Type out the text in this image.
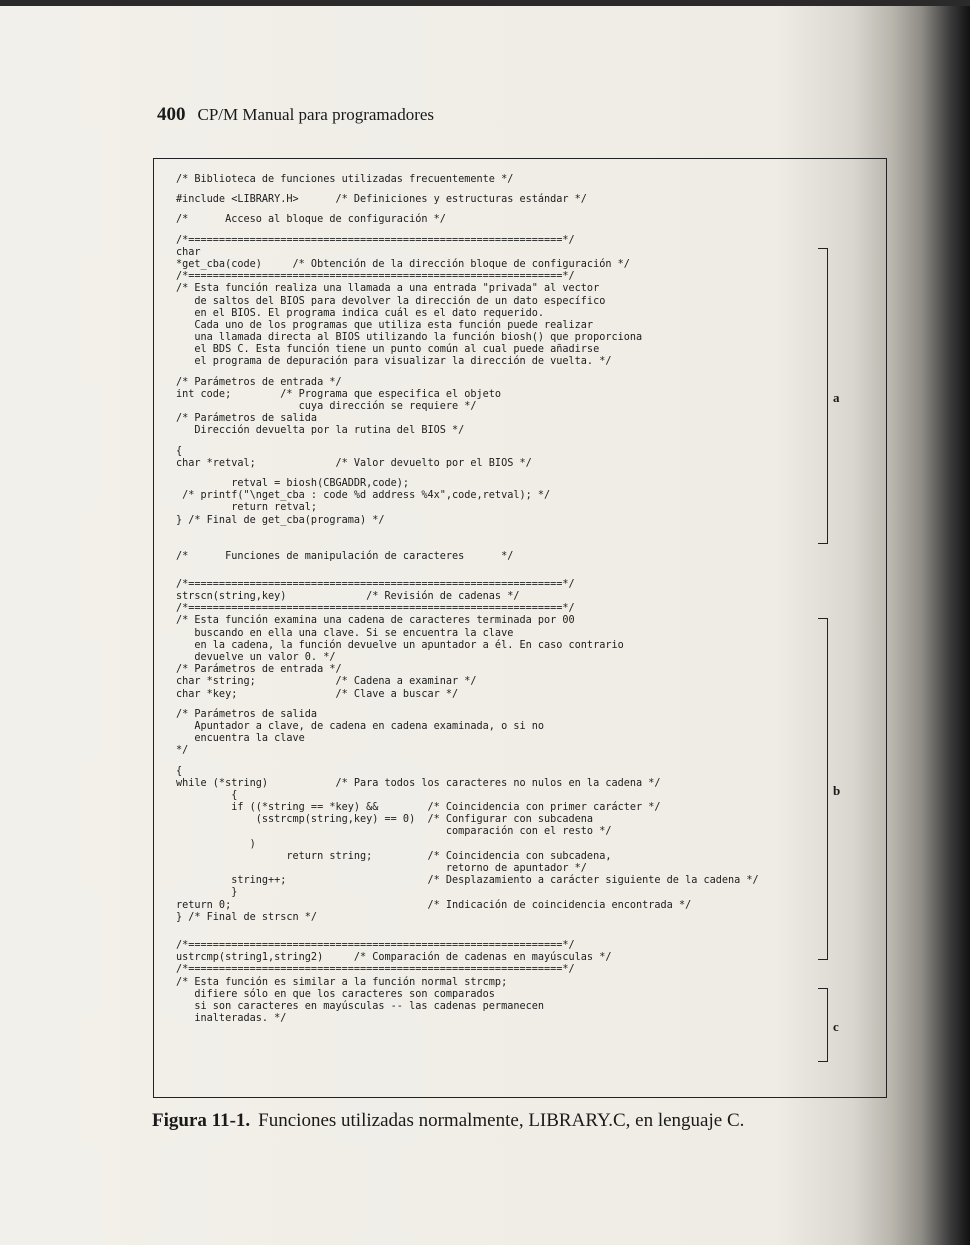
400 CP/M Manual para programadores
/* Biblioteca de funciones utilizadas frecuentemente */
#include <LIBRARY.H>      /* Definiciones y estructuras estándar */
/*      Acceso al bloque de configuración */
/*=============================================================*/
char
*get_cba(code)     /* Obtención de la dirección bloque de configuración */
/*=============================================================*/
/* Esta función realiza una llamada a una entrada "privada" al vector
de saltos del BIOS para devolver la dirección de un dato específico
en el BIOS. El programa indica cuál es el dato requerido.
Cada uno de los programas que utiliza esta función puede realizar
una llamada directa al BIOS utilizando la función biosh() que proporciona
el BDS C. Esta función tiene un punto común al cual puede añadirse
el programa de depuración para visualizar la dirección de vuelta. */
/* Parámetros de entrada */
int code;        /* Programa que especifica el objeto
cuya dirección se requiere */
/* Parámetros de salida
Dirección devuelta por la rutina del BIOS */
{
char *retval;             /* Valor devuelto por el BIOS */
retval = biosh(CBGADDR,code);
/* printf("\nget_cba : code %d address %4x",code,retval); */
return retval;
} /* Final de get_cba(programa) */
/*      Funciones de manipulación de caracteres      */
/*=============================================================*/
strscn(string,key)             /* Revisión de cadenas */
/*=============================================================*/
/* Esta función examina una cadena de caracteres terminada por 00
buscando en ella una clave. Si se encuentra la clave
en la cadena, la función devuelve un apuntador a él. En caso contrario
devuelve un valor 0. */
/* Parámetros de entrada */
char *string;             /* Cadena a examinar */
char *key;                /* Clave a buscar */
/* Parámetros de salida
Apuntador a clave, de cadena en cadena examinada, o si no
encuentra la clave
*/
{
while (*string)           /* Para todos los caracteres no nulos en la cadena */
{
if ((*string == *key) &&        /* Coincidencia con primer carácter */
(sstrcmp(string,key) == 0)  /* Configurar con subcadena
comparación con el resto */
)
return string;         /* Coincidencia con subcadena,
retorno de apuntador */
string++;                       /* Desplazamiento a carácter siguiente de la cadena */
}
return 0;                                /* Indicación de coincidencia encontrada */
} /* Final de strscn */
/*=============================================================*/
ustrcmp(string1,string2)     /* Comparación de cadenas en mayúsculas */
/*=============================================================*/
/* Esta función es similar a la función normal strcmp;
difiere sólo en que los caracteres son comparados
si son caracteres en mayúsculas -- las cadenas permanecen
inalteradas. */
a
b
c
Figura 11-1. Funciones utilizadas normalmente, LIBRARY.C, en lenguaje C.
